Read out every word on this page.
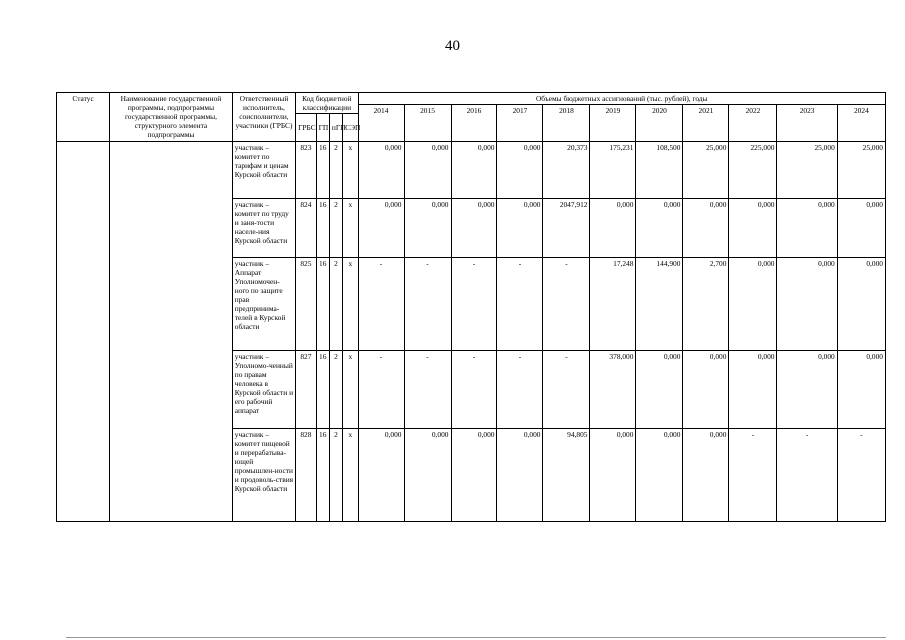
40
Статус	Наименование государственной программы, подпрограммы государственной программы, структурного элемента подпрограммы	Ответственный исполнитель, соисполнители, участники (ГРБС)	Код бюджетной классификации				Объемы бюджетных ассигнований (тыс. рублей), годы										
							2014	2015	2016	2017	2018	2019	2020	2021	2022	2023	2024
			ГРБС	ГП	пГП	СЭП											
		участник – комитет по тарифам и ценам Курской области	823	16	2	x	0,000	0,000	0,000	0,000	20,373	175,231	108,500	25,000	225,000	25,000	25,000
		участник – комитет по труду и заня-тости населе-ния Курской области	824	16	2	x	0,000	0,000	0,000	0,000	2047,912	0,000	0,000	0,000	0,000	0,000	0,000
		участник – Аппарат Уполномочен-ного по защите прав предпринима-телей в Курской области	825	16	2	x	-	-	-	-	-	17,248	144,900	2,700	0,000	0,000	0,000
		участник – Уполномо-ченный по правам человека в Курской области и его рабочий аппарат	827	16	2	x	-	-	-	-	-	378,000	0,000	0,000	0,000	0,000	0,000
		участник – комитет пищевой и перерабатыва-ющей промышлен-ности и продоволь-ствия Курской области	828	16	2	x	0,000	0,000	0,000	0,000	94,805	0,000	0,000	0,000	-	-	-
